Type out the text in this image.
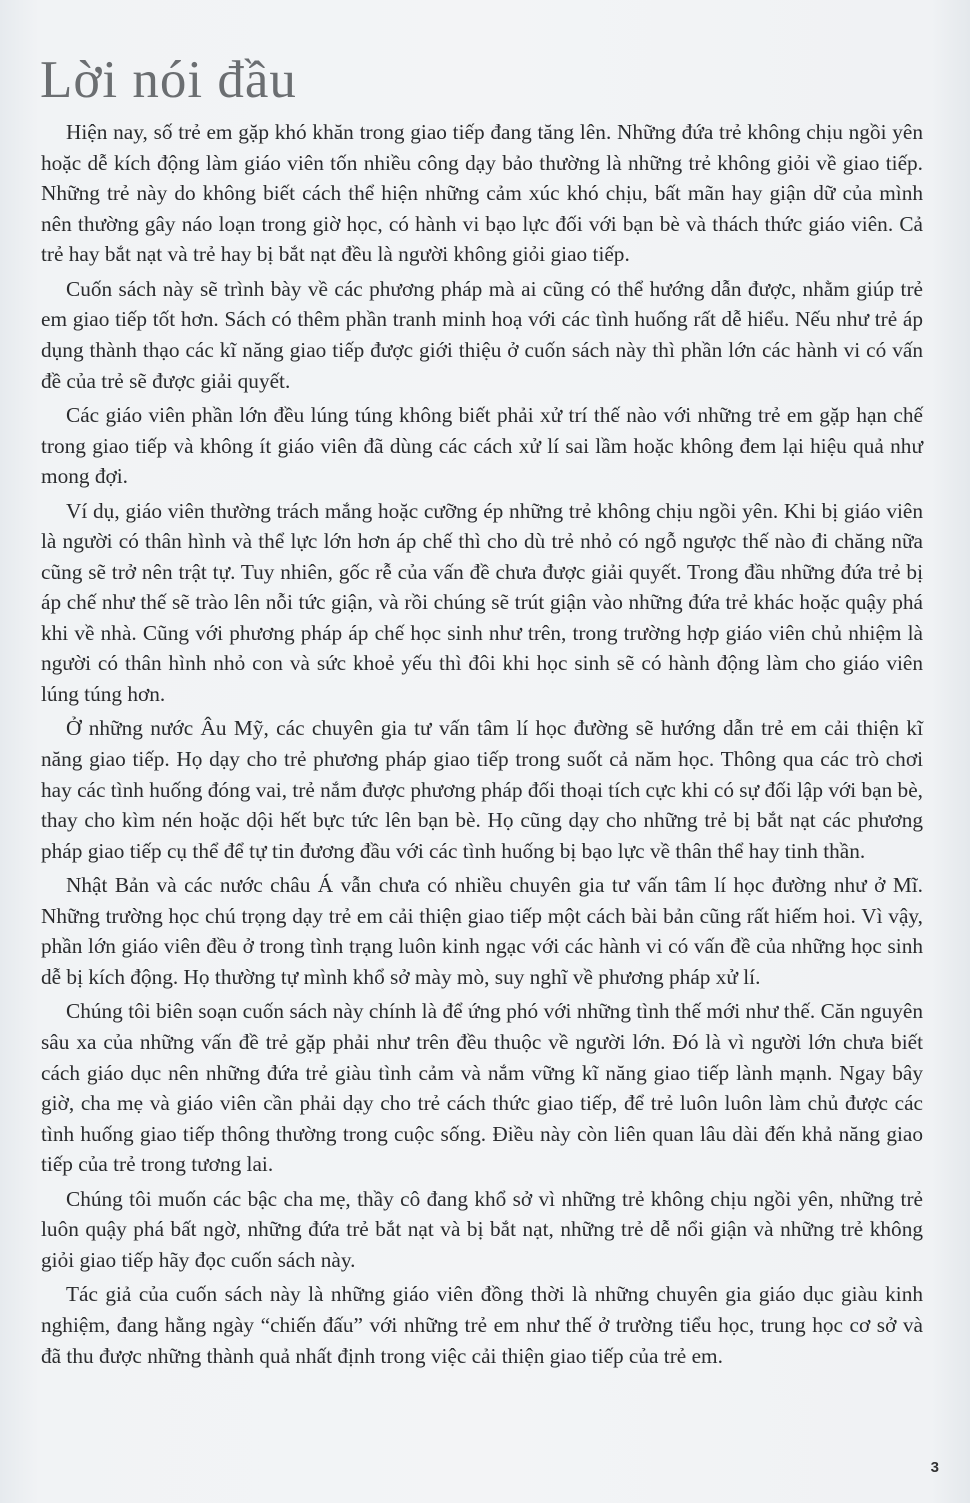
Lời nói đầu

Hiện nay, số trẻ em gặp khó khăn trong giao tiếp đang tăng lên. Những đứa trẻ không chịu ngồi yên hoặc dễ kích động làm giáo viên tốn nhiều công dạy bảo thường là những trẻ không giỏi về giao tiếp. Những trẻ này do không biết cách thể hiện những cảm xúc khó chịu, bất mãn hay giận dữ của mình nên thường gây náo loạn trong giờ học, có hành vi bạo lực đối với bạn bè và thách thức giáo viên. Cả trẻ hay bắt nạt và trẻ hay bị bắt nạt đều là người không giỏi giao tiếp.

Cuốn sách này sẽ trình bày về các phương pháp mà ai cũng có thể hướng dẫn được, nhằm giúp trẻ em giao tiếp tốt hơn. Sách có thêm phần tranh minh hoạ với các tình huống rất dễ hiểu. Nếu như trẻ áp dụng thành thạo các kĩ năng giao tiếp được giới thiệu ở cuốn sách này thì phần lớn các hành vi có vấn đề của trẻ sẽ được giải quyết.

Các giáo viên phần lớn đều lúng túng không biết phải xử trí thế nào với những trẻ em gặp hạn chế trong giao tiếp và không ít giáo viên đã dùng các cách xử lí sai lầm hoặc không đem lại hiệu quả như mong đợi.

Ví dụ, giáo viên thường trách mắng hoặc cưỡng ép những trẻ không chịu ngồi yên. Khi bị giáo viên là người có thân hình và thể lực lớn hơn áp chế thì cho dù trẻ nhỏ có ngỗ ngược thế nào đi chăng nữa cũng sẽ trở nên trật tự. Tuy nhiên, gốc rễ của vấn đề chưa được giải quyết. Trong đầu những đứa trẻ bị áp chế như thế sẽ trào lên nỗi tức giận, và rồi chúng sẽ trút giận vào những đứa trẻ khác hoặc quậy phá khi về nhà. Cũng với phương pháp áp chế học sinh như trên, trong trường hợp giáo viên chủ nhiệm là người có thân hình nhỏ con và sức khoẻ yếu thì đôi khi học sinh sẽ có hành động làm cho giáo viên lúng túng hơn.

Ở những nước Âu Mỹ, các chuyên gia tư vấn tâm lí học đường sẽ hướng dẫn trẻ em cải thiện kĩ năng giao tiếp. Họ dạy cho trẻ phương pháp giao tiếp trong suốt cả năm học. Thông qua các trò chơi hay các tình huống đóng vai, trẻ nắm được phương pháp đối thoại tích cực khi có sự đối lập với bạn bè, thay cho kìm nén hoặc dội hết bực tức lên bạn bè. Họ cũng dạy cho những trẻ bị bắt nạt các phương pháp giao tiếp cụ thể để tự tin đương đầu với các tình huống bị bạo lực về thân thể hay tinh thần.

Nhật Bản và các nước châu Á vẫn chưa có nhiều chuyên gia tư vấn tâm lí học đường như ở Mĩ. Những trường học chú trọng dạy trẻ em cải thiện giao tiếp một cách bài bản cũng rất hiếm hoi. Vì vậy, phần lớn giáo viên đều ở trong tình trạng luôn kinh ngạc với các hành vi có vấn đề của những học sinh dễ bị kích động. Họ thường tự mình khổ sở mày mò, suy nghĩ về phương pháp xử lí.

Chúng tôi biên soạn cuốn sách này chính là để ứng phó với những tình thế mới như thế. Căn nguyên sâu xa của những vấn đề trẻ gặp phải như trên đều thuộc về người lớn. Đó là vì người lớn chưa biết cách giáo dục nên những đứa trẻ giàu tình cảm và nắm vững kĩ năng giao tiếp lành mạnh. Ngay bây giờ, cha mẹ và giáo viên cần phải dạy cho trẻ cách thức giao tiếp, để trẻ luôn luôn làm chủ được các tình huống giao tiếp thông thường trong cuộc sống. Điều này còn liên quan lâu dài đến khả năng giao tiếp của trẻ trong tương lai.

Chúng tôi muốn các bậc cha mẹ, thầy cô đang khổ sở vì những trẻ không chịu ngồi yên, những trẻ luôn quậy phá bất ngờ, những đứa trẻ bắt nạt và bị bắt nạt, những trẻ dễ nổi giận và những trẻ không giỏi giao tiếp hãy đọc cuốn sách này.

Tác giả của cuốn sách này là những giáo viên đồng thời là những chuyên gia giáo dục giàu kinh nghiệm, đang hằng ngày “chiến đấu” với những trẻ em như thế ở trường tiểu học, trung học cơ sở và đã thu được những thành quả nhất định trong việc cải thiện giao tiếp của trẻ em.

3
